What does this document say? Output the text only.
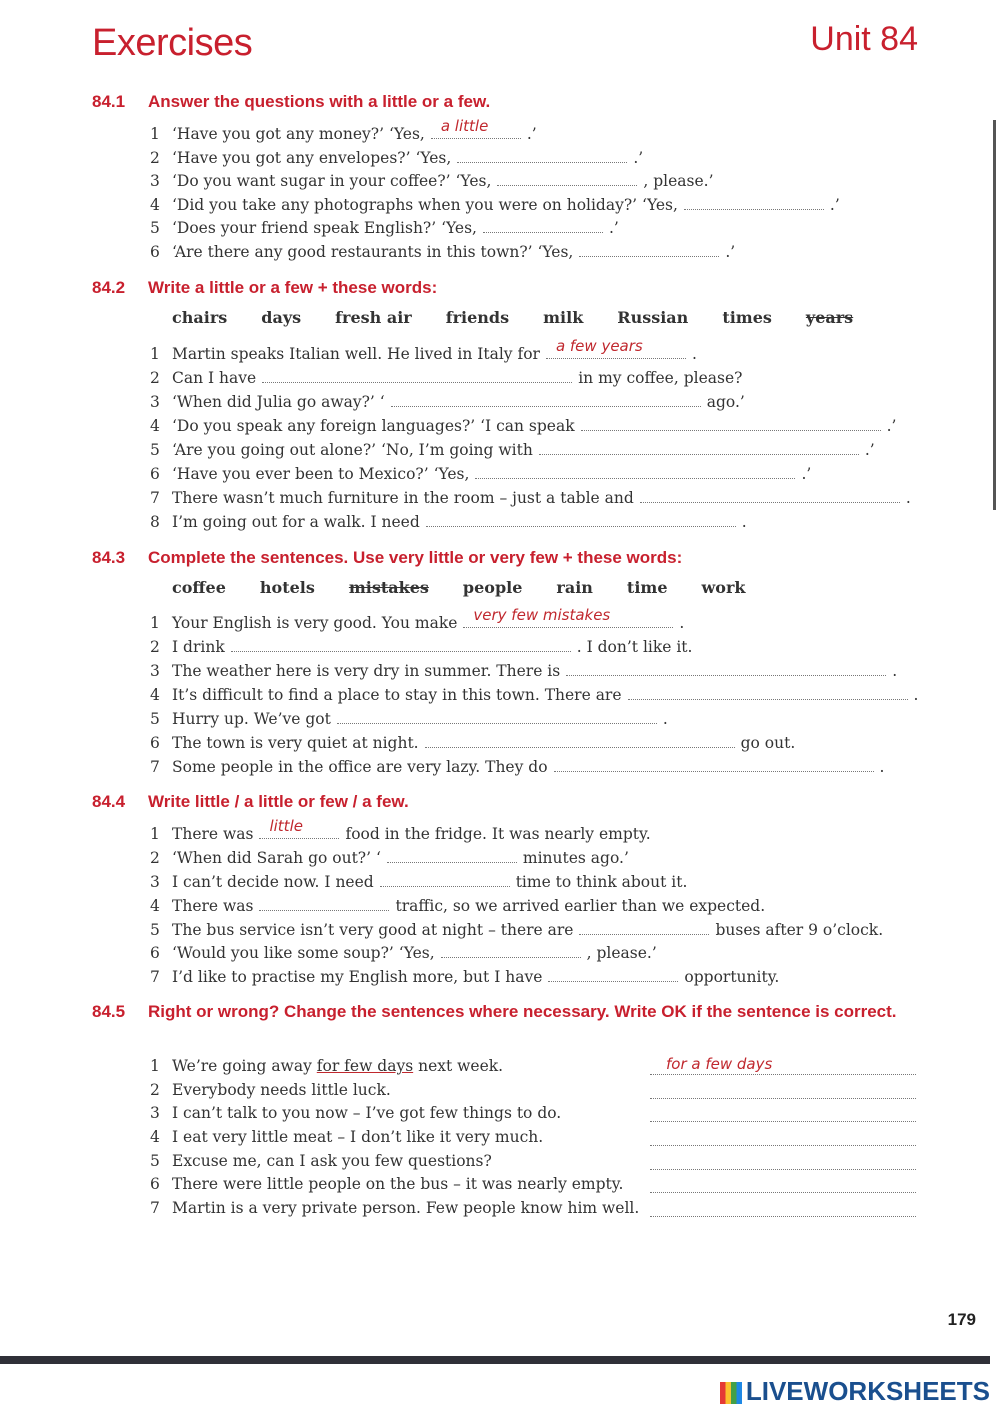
Exercises	Unit 84
84.1 Answer the questions with a little or a few.
1 ‘Have you got any money?’ ‘Yes, a little .’
2 ‘Have you got any envelopes?’ ‘Yes,	.’
3 ‘Do you want sugar in your coffee?’ ‘Yes,	, please.’
4 ‘Did you take any photographs when you were on holiday?’ ‘Yes,	.’
5 ‘Does your friend speak English?’ ‘Yes,	.’
6 ‘Are there any good restaurants in this town?’ ‘Yes,	.’
84.2 Write a little or a few + these words:
chairs days fresh air friends milk Russian times years
1 Martin speaks Italian well. He lived in Italy for a few years	.
2 Can I have	in my coffee, please?
3 ‘When did Julia go away?’ ‘	ago.’
4 ‘Do you speak any foreign languages?’ ‘I can speak	.’
5 ‘Are you going out alone?’ ‘No, I’m going with	.’
6 ‘Have you ever been to Mexico?’ ‘Yes,	.’
7 There wasn’t much furniture in the room – just a table and	.
8 I’m going out for a walk. I need	.
84.3 Complete the sentences. Use very little or very few + these words:
coffee hotels mistakes people rain time work
1 Your English is very good. You make very few mistakes	.
2 I drink	. I don’t like it.
3 The weather here is very dry in summer. There is	.
4 It’s difficult to find a place to stay in this town. There are	.
5 Hurry up. We’ve got	.
6 The town is very quiet at night.	go out.
7 Some people in the office are very lazy. They do	.
84.4 Write little / a little or few / a few.
1 There was little	food in the fridge. It was nearly empty.
2 ‘When did Sarah go out?’ ‘	minutes ago.’
3 I can’t decide now. I need	time to think about it.
4 There was	traffic, so we arrived earlier than we expected.
5 The bus service isn’t very good at night – there are	buses after 9 o’clock.
6 ‘Would you like some soup?’ ‘Yes,	, please.’
7 I’d like to practise my English more, but I have	opportunity.
84.5 Right or wrong? Change the sentences where necessary. Write OK if the sentence is correct.
1 We’re going away for few days next week.	for a few days
2 Everybody needs little luck.
3 I can’t talk to you now – I’ve got few things to do.
4 I eat very little meat – I don’t like it very much.
5 Excuse me, can I ask you few questions?
6 There were little people on the bus – it was nearly empty.
7 Martin is a very private person. Few people know him well.
179
LIVEWORKSHEETS
